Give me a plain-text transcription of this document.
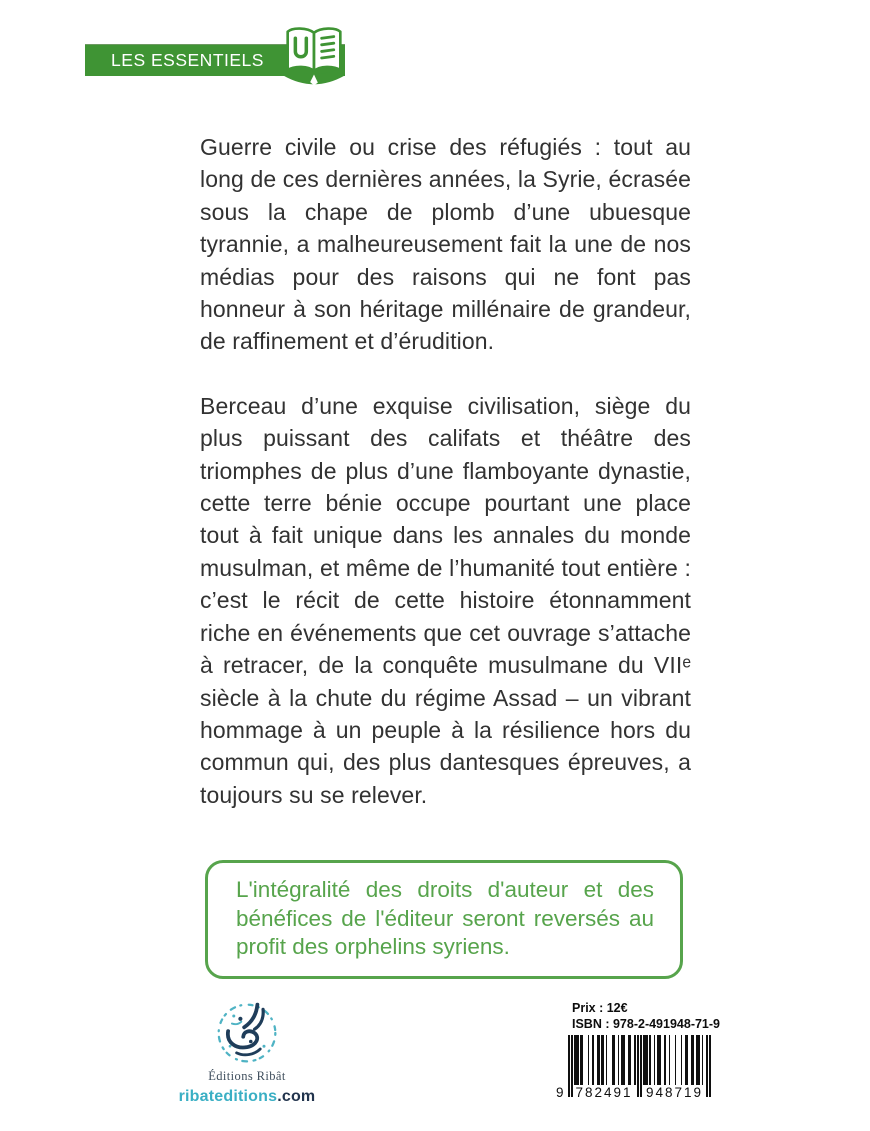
LES ESSENTIELS

Guerre civile ou crise des réfugiés : tout au long de ces dernières années, la Syrie, écrasée sous la chape de plomb d’une ubuesque tyrannie, a malheureusement fait la une de nos médias pour des raisons qui ne font pas honneur à son héritage millénaire de grandeur, de raffinement et d’érudition.

Berceau d’une exquise civilisation, siège du plus puissant des califats et théâtre des triomphes de plus d’une flamboyante dynastie, cette terre bénie occupe pourtant une place tout à fait unique dans les annales du monde musulman, et même de l’humanité tout entière : c’est le récit de cette histoire étonnamment riche en événements que cet ouvrage s’attache à retracer, de la conquête musulmane du VIIᵉ siècle à la chute du régime Assad – un vibrant hommage à un peuple à la résilience hors du commun qui, des plus dantesques épreuves, a toujours su se relever.

L'intégralité des droits d'auteur et des bénéfices de l'éditeur seront reversés au profit des orphelins syriens.
Éditions Ribât
ribateditions.com
Prix : 12€
ISBN : 978-2-491948-71-9
9 782491 948719
